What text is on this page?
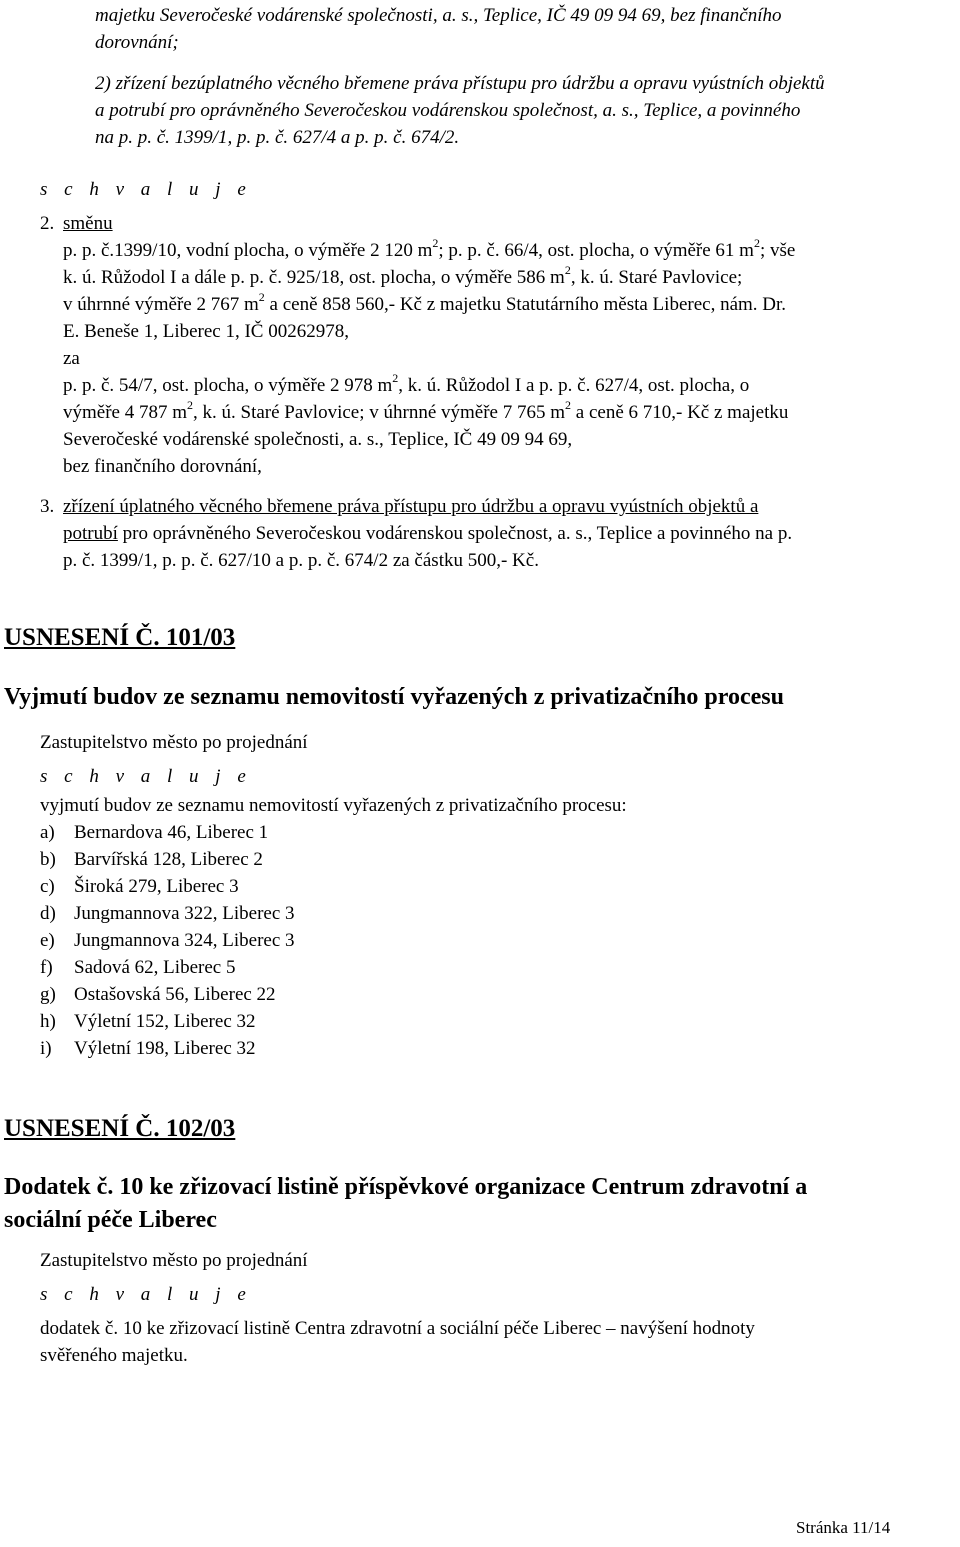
majetku Severočeské vodárenské společnosti, a. s., Teplice, IČ 49 09 94 69, bez finančního
dorovnání;
2) zřízení bezúplatného věcného břemene práva přístupu pro údržbu a opravu vyústních objektů
a potrubí pro oprávněného Severočeskou vodárenskou společnost, a. s., Teplice, a povinného
na p. p. č. 1399/1, p. p. č. 627/4 a p. p. č. 674/2.
s c h v a l u j e
2. směnu
p. p. č.1399/10, vodní plocha, o výměře 2 120 $m^2$; p. p. č. 66/4, ost. plocha, o výměře 61 $m^2$; vše
k. ú. Růžodol I a dále p. p. č. 925/18, ost. plocha, o výměře 586 $m^2$, k. ú. Staré Pavlovice;
v úhrnné výměře 2 767 $m^2$ a ceně 858 560,- Kč z majetku Statutárního města Liberec, nám. Dr.
E. Beneše 1, Liberec 1, IČ 00262978,
za
p. p. č. 54/7, ost. plocha, o výměře 2 978 $m^2$, k. ú. Růžodol I a p. p. č. 627/4, ost. plocha, o
výměře 4 787 $m^2$, k. ú. Staré Pavlovice; v úhrnné výměře 7 765 $m^2$ a ceně 6 710,- Kč z majetku
Severočeské vodárenské společnosti, a. s., Teplice, IČ 49 09 94 69,
bez finančního dorovnání,
3. zřízení úplatného věcného břemene práva přístupu pro údržbu a opravu vyústních objektů a
potrubí pro oprávněného Severočeskou vodárenskou společnost, a. s., Teplice a povinného na p.
p. č. 1399/1, p. p. č. 627/10 a p. p. č. 674/2 za částku 500,- Kč.
USNESENÍ Č. 101/03
Vyjmutí budov ze seznamu nemovitostí vyřazených z privatizačního procesu
Zastupitelstvo město po projednání
s c h v a l u j e
vyjmutí budov ze seznamu nemovitostí vyřazených z privatizačního procesu:
a) Bernardova 46, Liberec 1
b) Barvířská 128, Liberec 2
c) Široká 279, Liberec 3
d) Jungmannova 322, Liberec 3
e) Jungmannova 324, Liberec 3
f) Sadová 62, Liberec 5
g) Ostašovská 56, Liberec 22
h) Výletní 152, Liberec 32
i) Výletní 198, Liberec 32
USNESENÍ Č. 102/03
Dodatek č. 10 ke zřizovací listině příspěvkové organizace Centrum zdravotní a
sociální péče Liberec
Zastupitelstvo město po projednání
s c h v a l u j e
dodatek č. 10 ke zřizovací listině Centra zdravotní a sociální péče Liberec – navýšení hodnoty
svěřeného majetku.
Stránka 11/14
